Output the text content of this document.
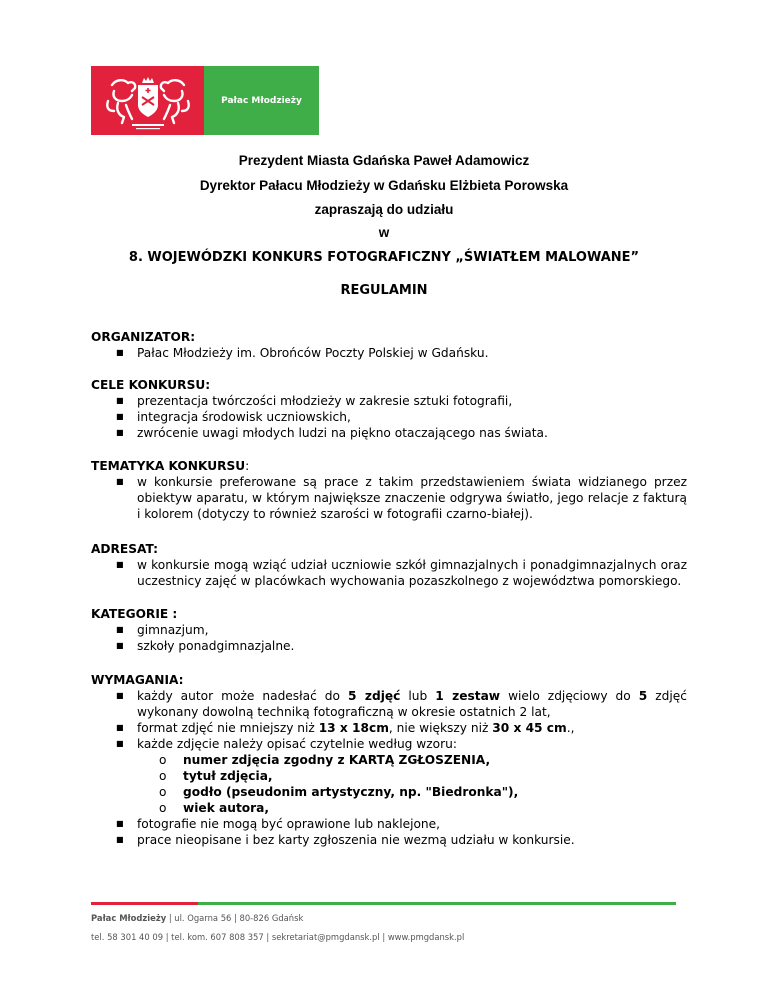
Pałac Młodzieży
Prezydent Miasta Gdańska Paweł Adamowicz
Dyrektor Pałacu Młodzieży w Gdańsku Elżbieta Porowska
zapraszają do udziału
w
8. WOJEWÓDZKI KONKURS FOTOGRAFICZNY „ŚWIATŁEM MALOWANE”
REGULAMIN
ORGANIZATOR:
■ Pałac Młodzieży im. Obrońców Poczty Polskiej w Gdańsku.
CELE KONKURSU:
■ prezentacja twórczości młodzieży w zakresie sztuki fotografii,
■ integracja środowisk uczniowskich,
■ zwrócenie uwagi młodych ludzi na piękno otaczającego nas świata.
TEMATYKA KONKURSU:
■ w konkursie preferowane są prace z takim przedstawieniem świata widzianego przez obiektyw aparatu, w którym największe znaczenie odgrywa światło, jego relacje z fakturą i kolorem (dotyczy to również szarości w fotografii czarno-białej).
ADRESAT:
■ w konkursie mogą wziąć udział uczniowie szkół gimnazjalnych i ponadgimnazjalnych oraz uczestnicy zajęć w placówkach wychowania pozaszkolnego z województwa pomorskiego.
KATEGORIE :
■ gimnazjum,
■ szkoły ponadgimnazjalne.
WYMAGANIA:
■ każdy autor może nadesłać do 5 zdjęć lub 1 zestaw wielo zdjęciowy do 5 zdjęć wykonany dowolną techniką fotograficzną w okresie ostatnich 2 lat,
■ format zdjęć nie mniejszy niż 13 x 18cm, nie większy niż 30 x 45 cm.,
■ każde zdjęcie należy opisać czytelnie według wzoru:
o numer zdjęcia zgodny z KARTĄ ZGŁOSZENIA,
o tytuł zdjęcia,
o godło (pseudonim artystyczny, np. "Biedronka"),
o wiek autora,
■ fotografie nie mogą być oprawione lub naklejone,
■ prace nieopisane i bez karty zgłoszenia nie wezmą udziału w konkursie.
Pałac Młodzieży | ul. Ogarna 56 | 80-826 Gdańsk
tel. 58 301 40 09 | tel. kom. 607 808 357 | sekretariat@pmgdansk.pl | www.pmgdansk.pl
